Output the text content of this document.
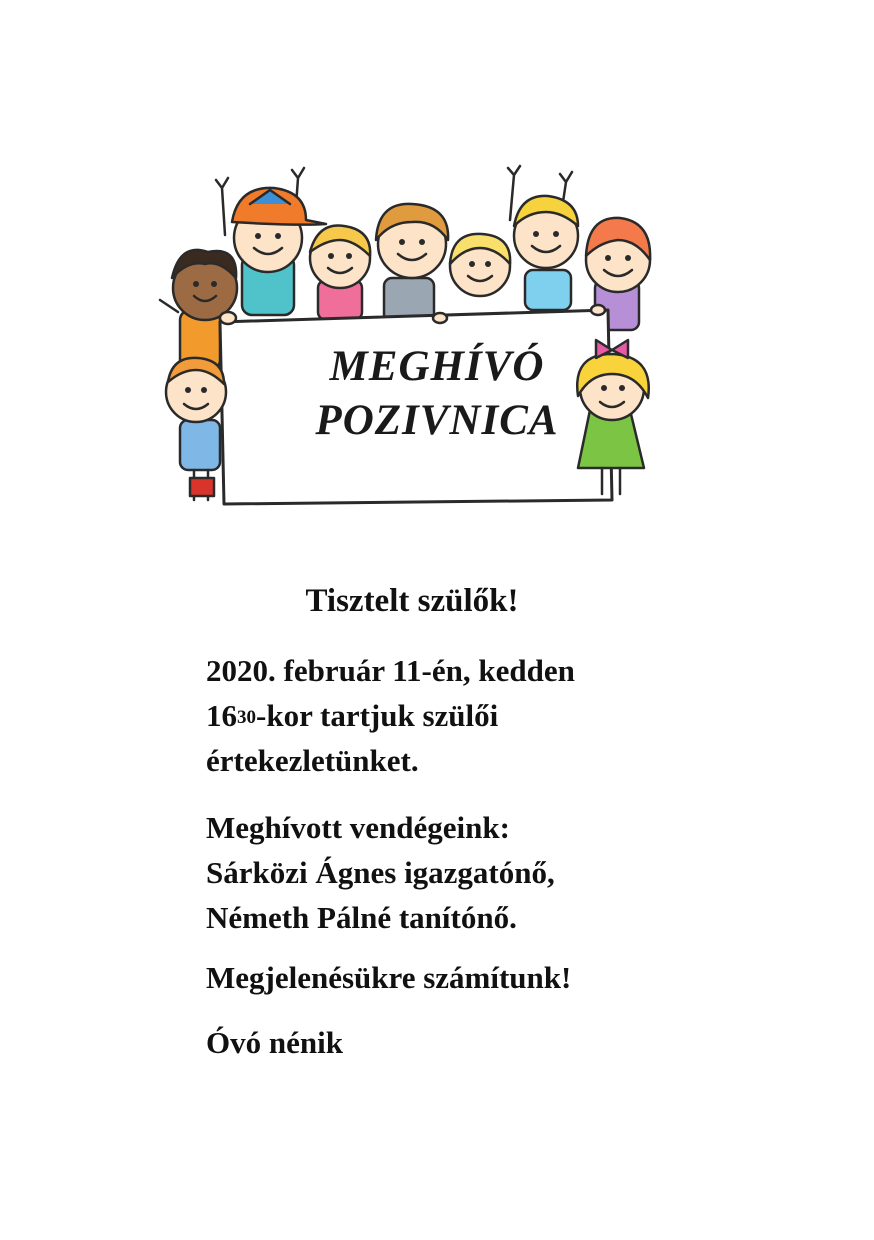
MEGHÍVÓ
POZIVNICA
Tisztelt szülők!
2020. február 11-én, kedden
$16^{30}$-kor tartjuk szülői
értekezletünket.
Meghívott vendégeink:
Sárközi Ágnes igazgatónő,
Németh Pálné tanítónő.
Megjelenésükre számítunk!
Óvó nénik
